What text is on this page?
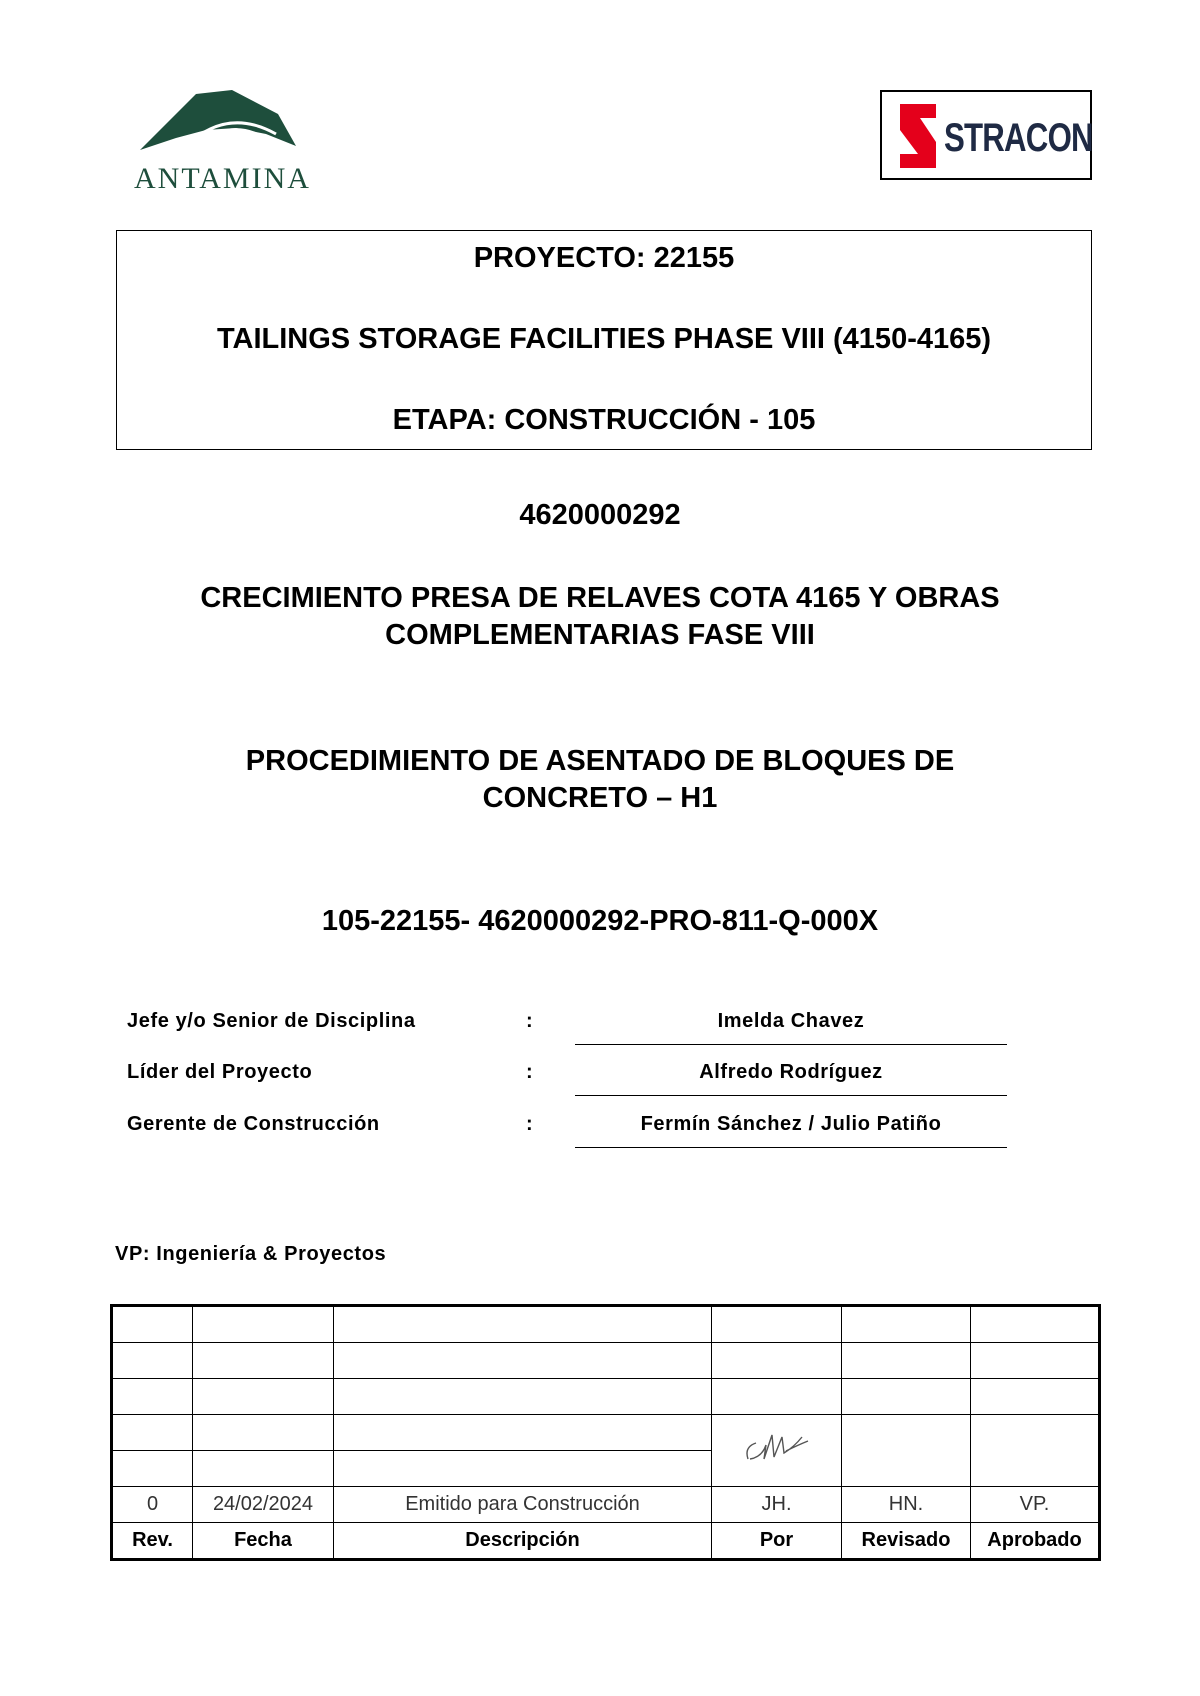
ANTAMINA
STRACON
PROYECTO: 22155
TAILINGS STORAGE FACILITIES PHASE VIII (4150-4165)
ETAPA: CONSTRUCCIÓN - 105
4620000292
CRECIMIENTO PRESA DE RELAVES COTA 4165 Y OBRAS
COMPLEMENTARIAS FASE VIII
PROCEDIMIENTO DE ASENTADO DE BLOQUES DE
CONCRETO – H1
105-22155- 4620000292-PRO-811-Q-000X
Jefe y/o Senior de Disciplina	:	Imelda Chavez
Líder del Proyecto	:	Alfredo Rodríguez
Gerente de Construcción	:	Fermín Sánchez / Julio Patiño
VP: Ingeniería & Proyectos

0	24/02/2024	Emitido para Construcción	JH.	HN.	VP.
Rev.	Fecha	Descripción	Por	Revisado	Aprobado
